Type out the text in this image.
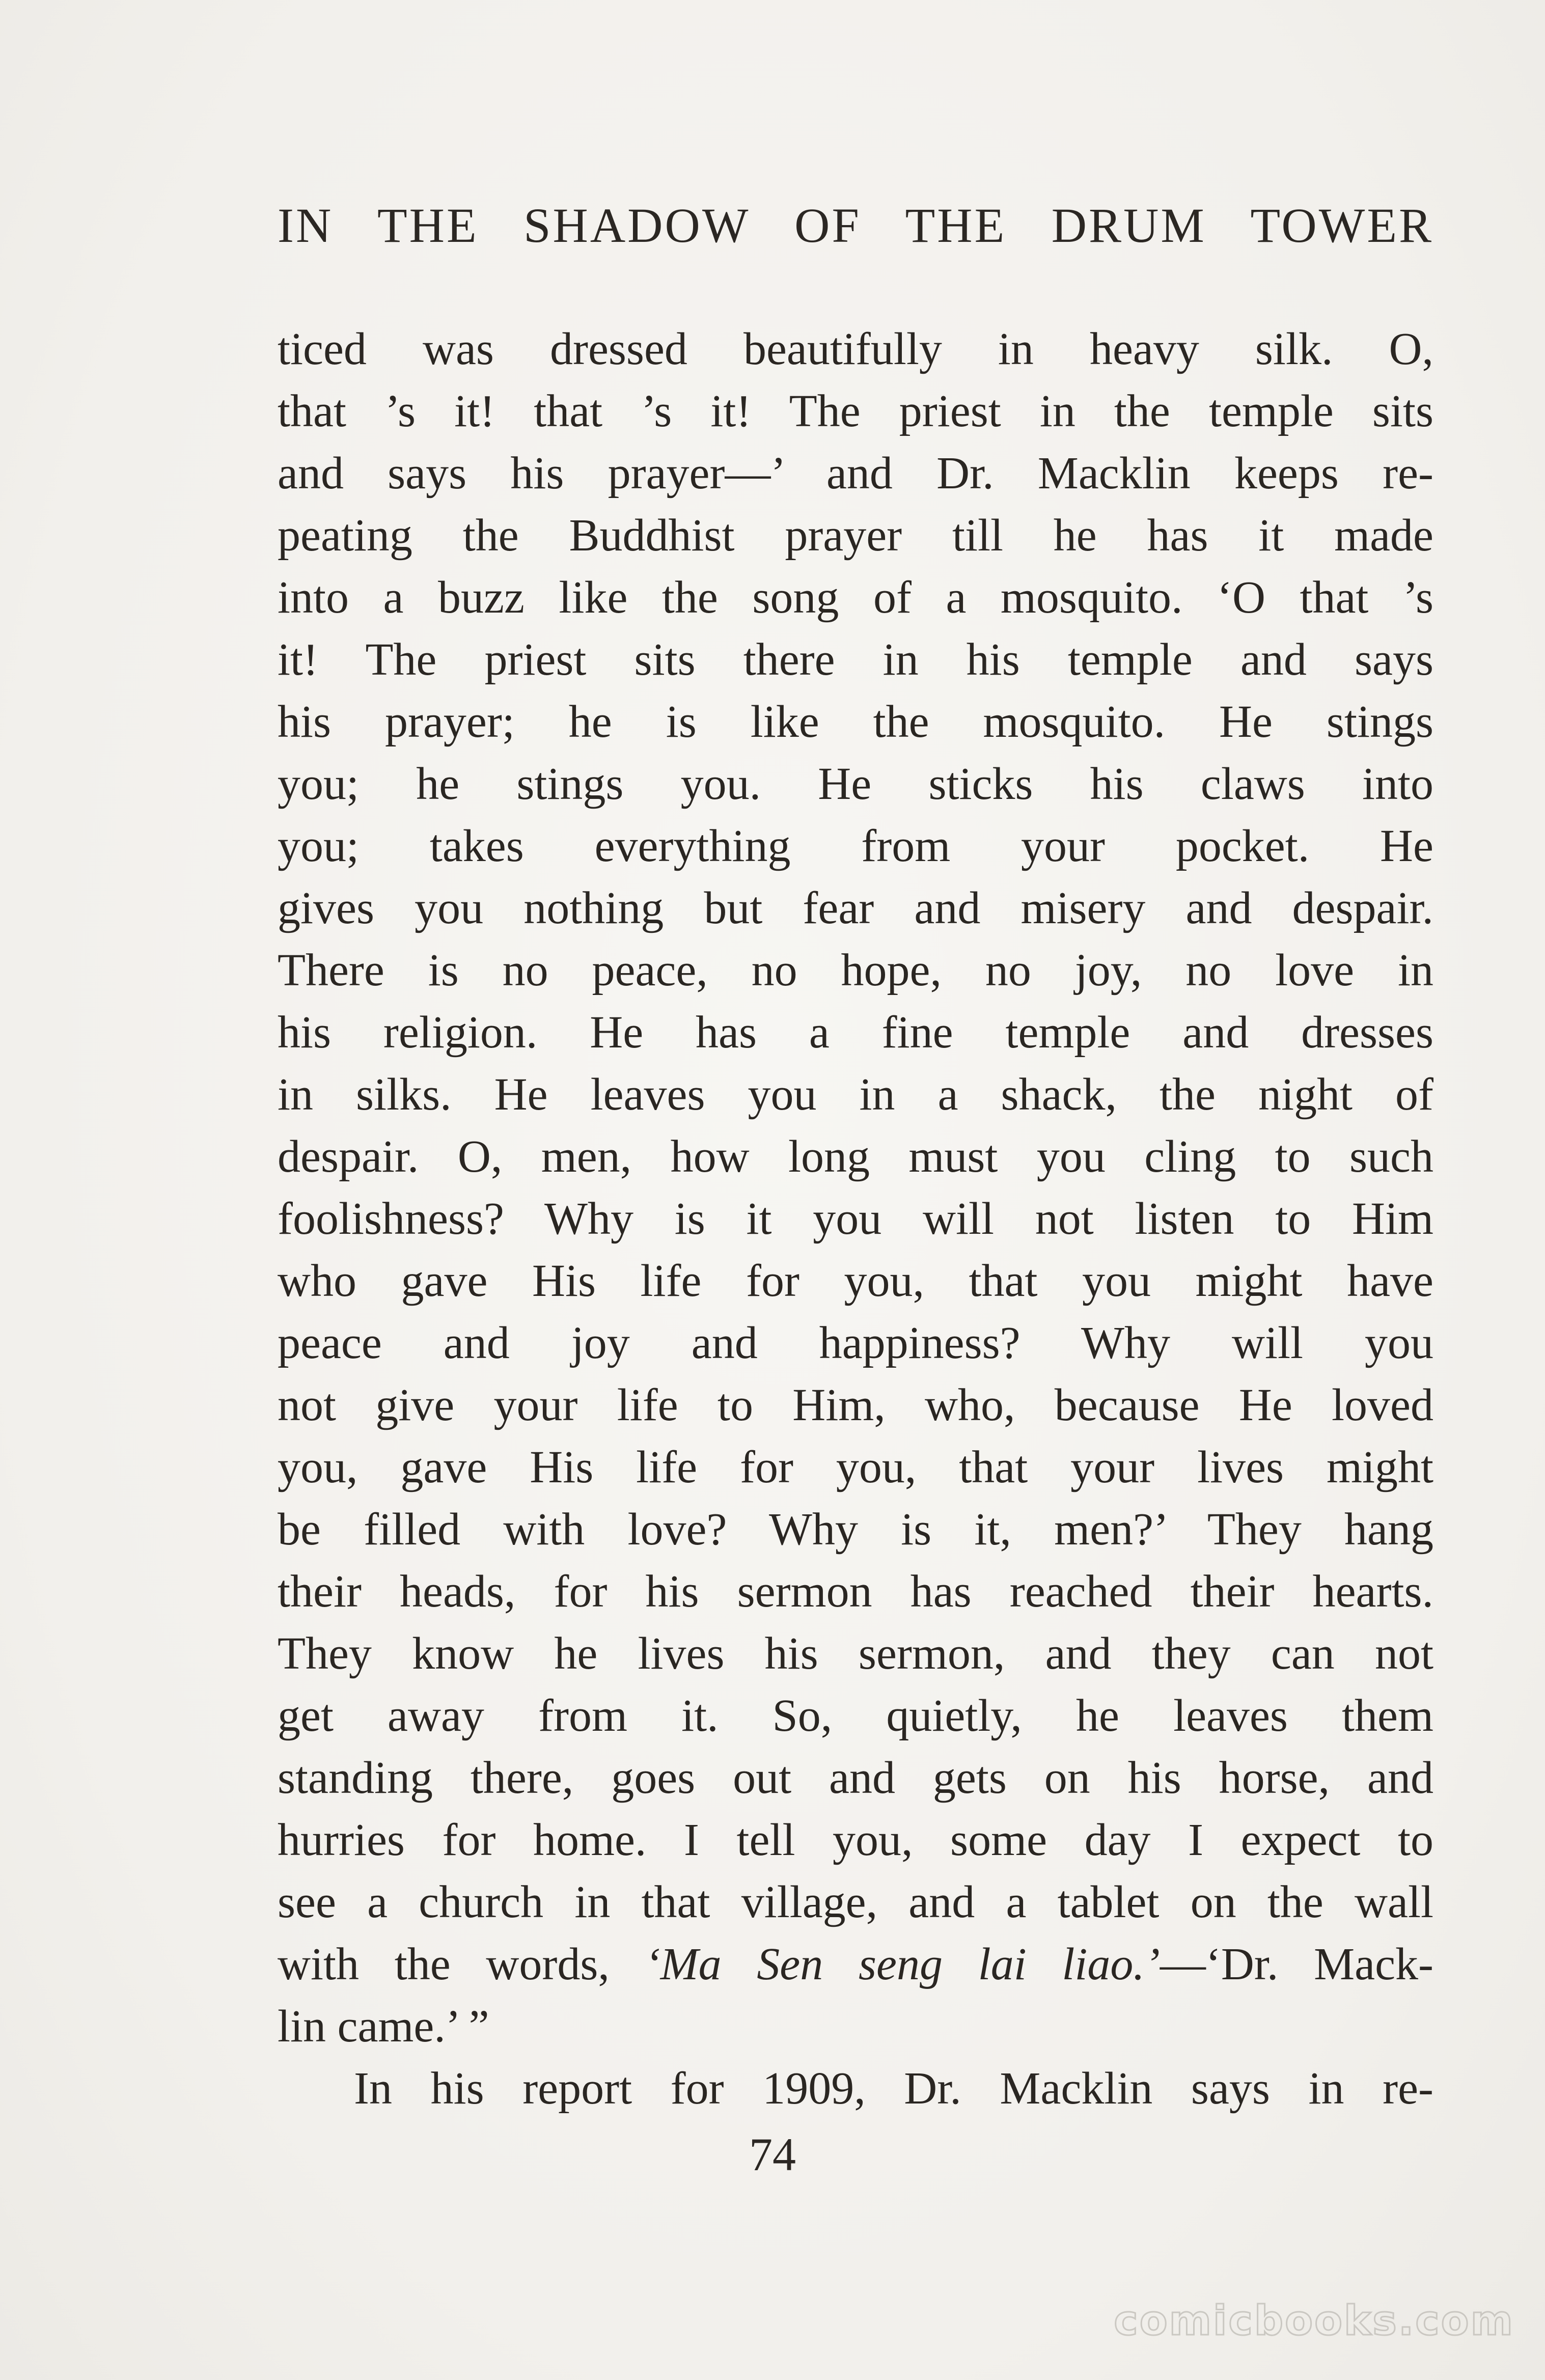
IN THE SHADOW OF THE DRUM TOWER
ticed was dressed beautifully in heavy silk. O,
that ’s it! that ’s it! The priest in the temple sits
and says his prayer—’ and Dr. Macklin keeps re-
peating the Buddhist prayer till he has it made
into a buzz like the song of a mosquito. ‘O that ’s
it! The priest sits there in his temple and says
his prayer; he is like the mosquito. He stings
you; he stings you. He sticks his claws into
you; takes everything from your pocket. He
gives you nothing but fear and misery and despair.
There is no peace, no hope, no joy, no love in
his religion. He has a fine temple and dresses
in silks. He leaves you in a shack, the night of
despair. O, men, how long must you cling to such
foolishness? Why is it you will not listen to Him
who gave His life for you, that you might have
peace and joy and happiness? Why will you
not give your life to Him, who, because He loved
you, gave His life for you, that your lives might
be filled with love? Why is it, men?’ They hang
their heads, for his sermon has reached their hearts.
They know he lives his sermon, and they can not
get away from it. So, quietly, he leaves them
standing there, goes out and gets on his horse, and
hurries for home. I tell you, some day I expect to
see a church in that village, and a tablet on the wall
with the words, ‘Ma Sen seng lai liao.’—‘Dr. Mack-
lin came.’ ”
In his report for 1909, Dr. Macklin says in re-
74
comicbooks.com
